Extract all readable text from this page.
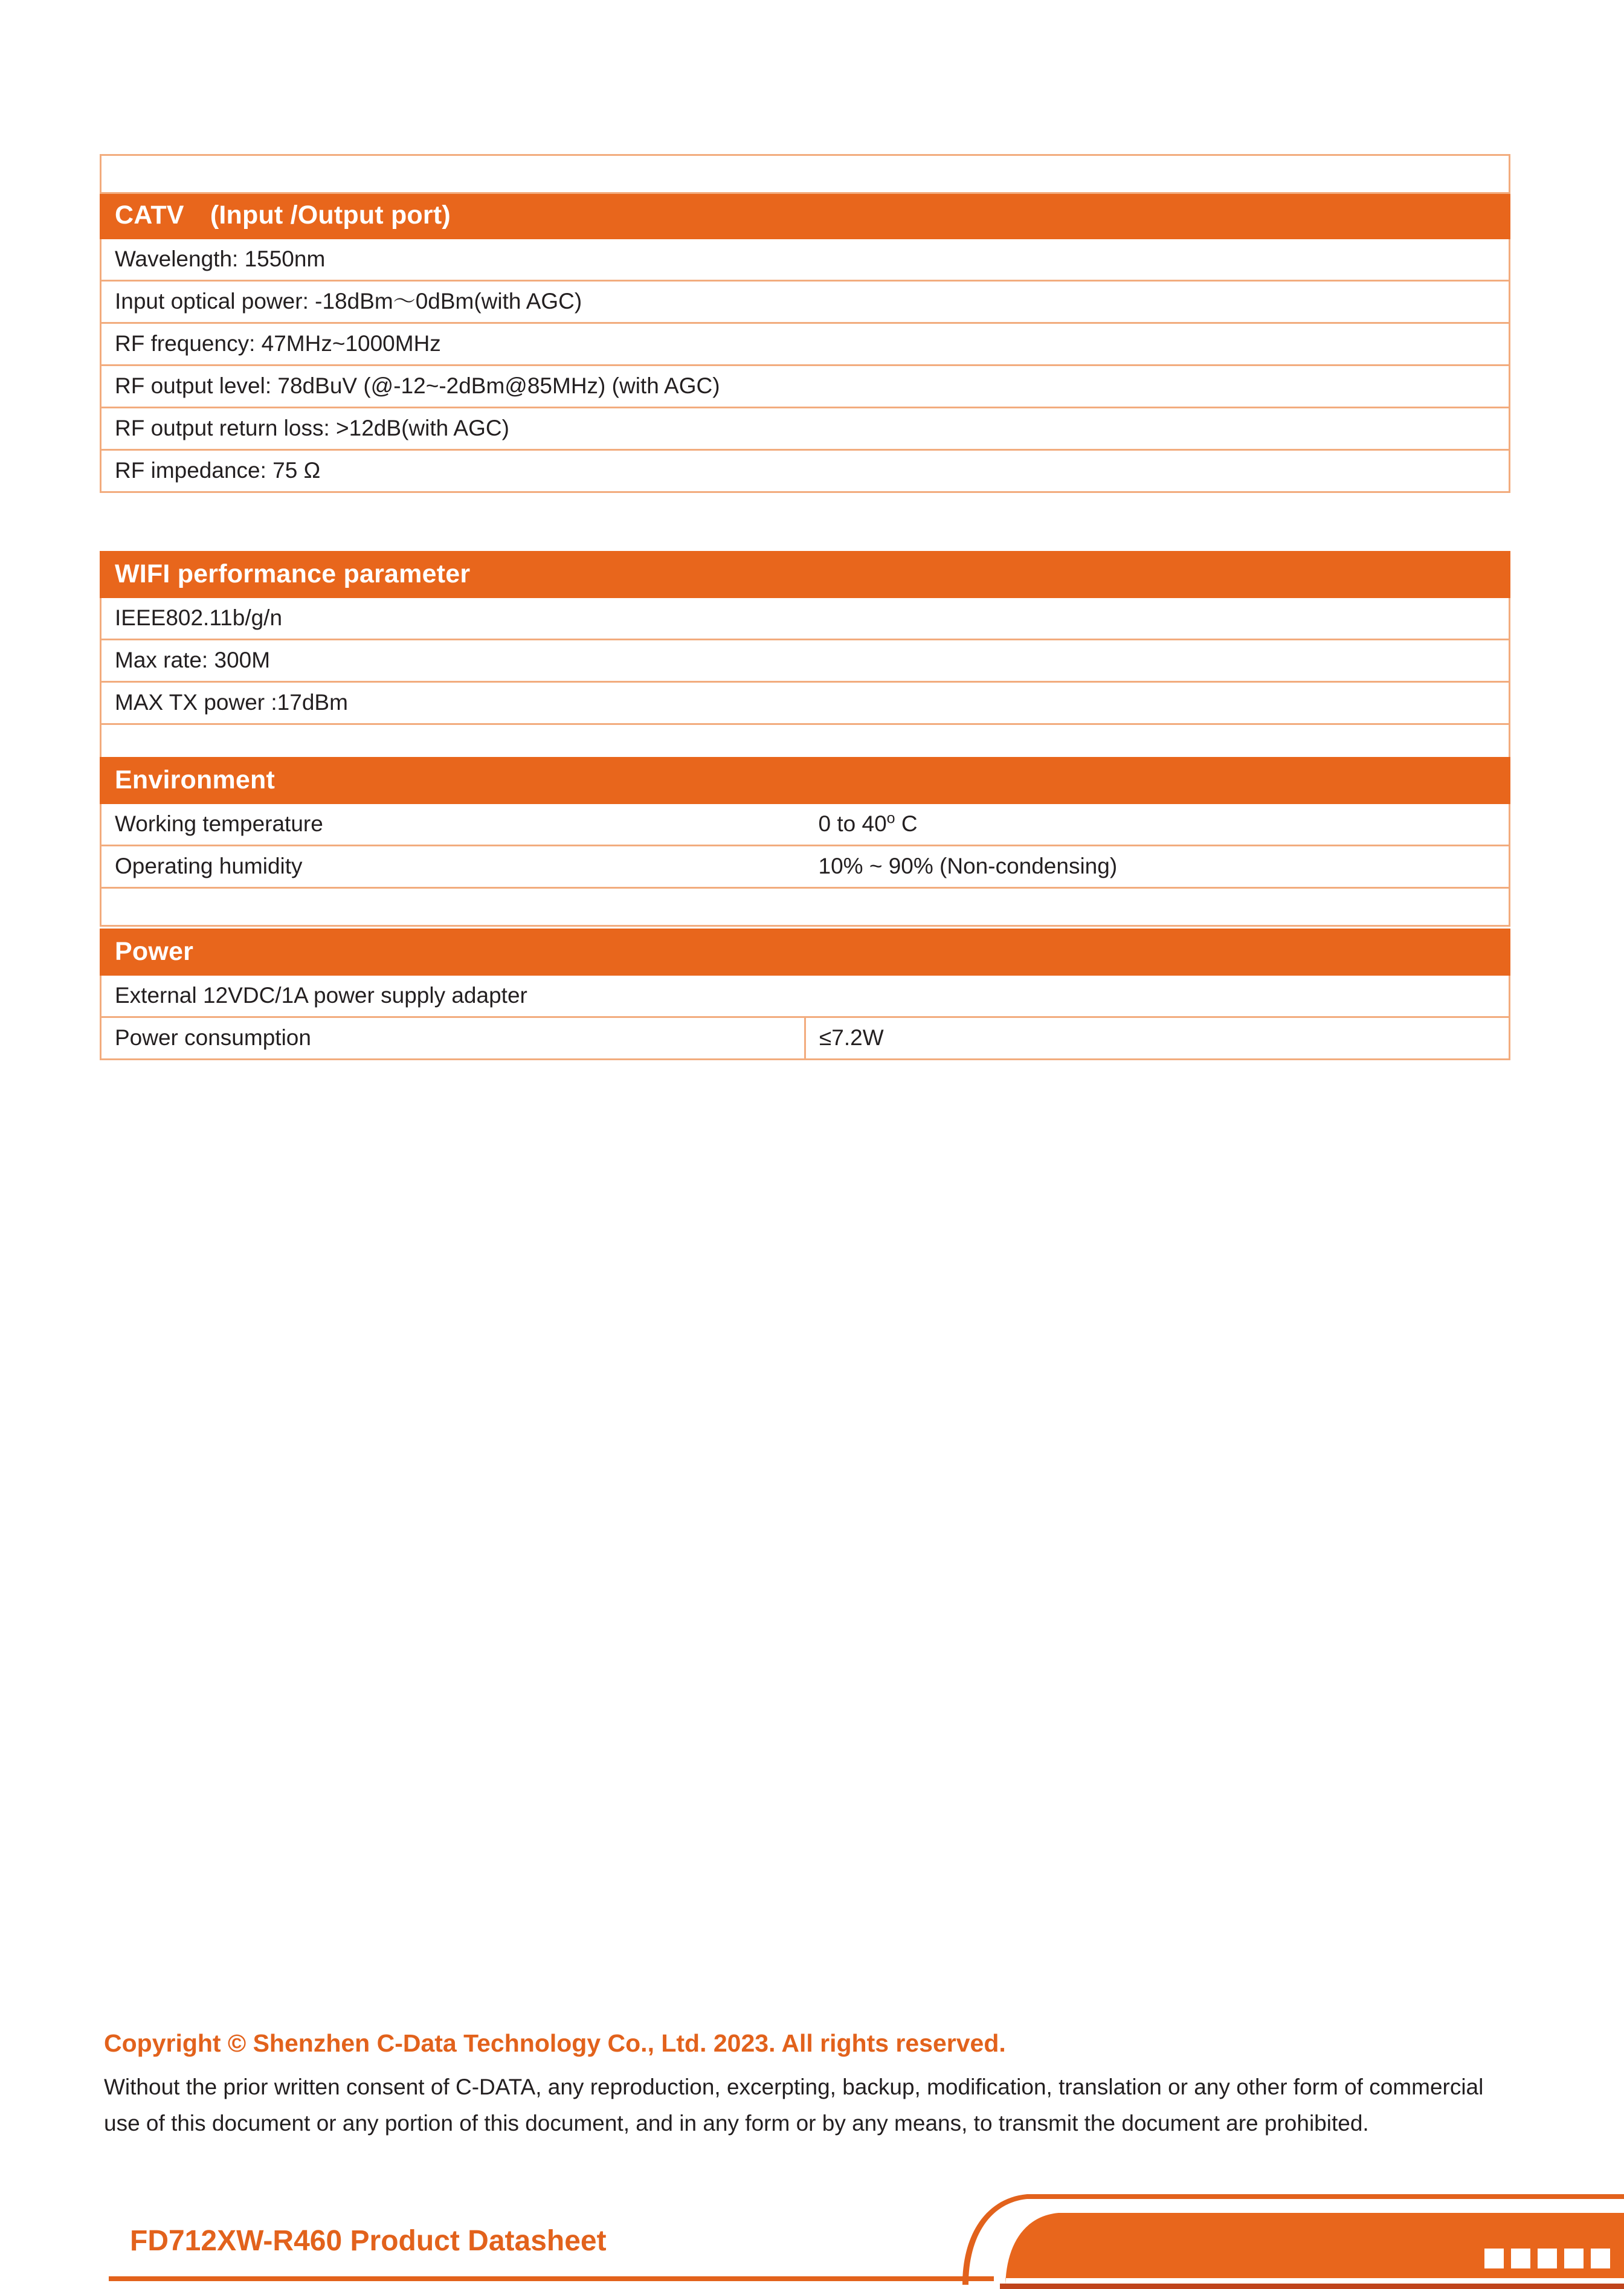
CATV　(Input /Output port)
Wavelength: 1550nm
Input optical power: -18dBm～0dBm(with AGC)
RF frequency: 47MHz~1000MHz
RF output level: 78dBuV (@-12~-2dBm@85MHz) (with AGC)
RF output return loss: >12dB(with AGC)
RF impedance: 75 Ω
WIFI performance parameter
IEEE802.11b/g/n
Max rate: 300M
MAX TX power :17dBm

Environment	
Working temperature	0 to 40$^o$ C
Operating humidity	10% ~ 90% (Non-condensing)

Power
External 12VDC/1A power supply adapter
Power consumption	≤7.2W
Copyright © Shenzhen C-Data Technology Co., Ltd. 2023. All rights reserved.
Without the prior written consent of C-DATA, any reproduction, excerpting, backup, modification, translation or any other form of commercial use of this document or any portion of this document, and in any form or by any means, to transmit the document are prohibited.
FD712XW-R460 Product Datasheet
